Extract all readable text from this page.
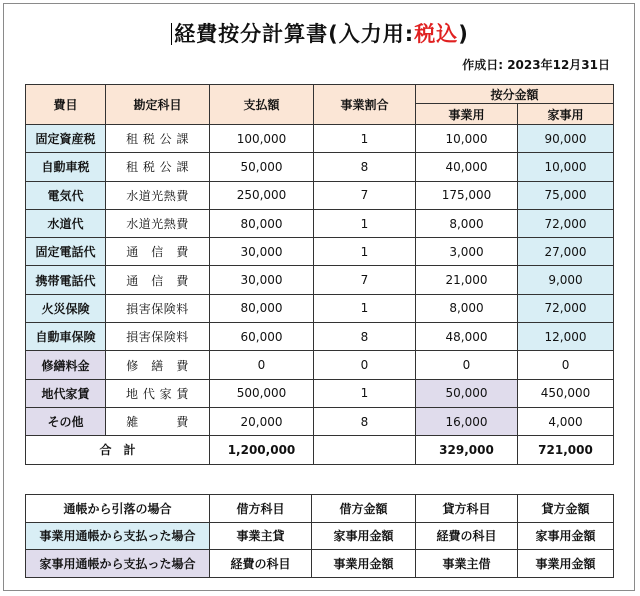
経費按分計算書(入力用:税込)
作成日: 2023年12月31日
費目	勘定科目	支払額	事業割合	按分金額	
				事業用	家事用
固定資産税	租 税 公 課	100,000	1	10,000	90,000
自動車税	租 税 公 課	50,000	8	40,000	10,000
電気代	水道光熱費	250,000	7	175,000	75,000
水道代	水道光熱費	80,000	1	8,000	72,000
固定電話代	通　信　費	30,000	1	3,000	27,000
携帯電話代	通　信　費	30,000	7	21,000	9,000
火災保険	損害保険料	80,000	1	8,000	72,000
自動車保険	損害保険料	60,000	8	48,000	12,000
修繕料金	修　繕　費	0	0	0	0
地代家賃	地 代 家 賃	500,000	1	50,000	450,000
その他	雑　　　費	20,000	8	16,000	4,000
合　計		1,200,000		329,000	721,000
通帳から引落の場合	借方科目	借方金額	貸方科目	貸方金額
事業用通帳から支払った場合	事業主貸	家事用金額	経費の科目	家事用金額
家事用通帳から支払った場合	経費の科目	事業用金額	事業主借	事業用金額
